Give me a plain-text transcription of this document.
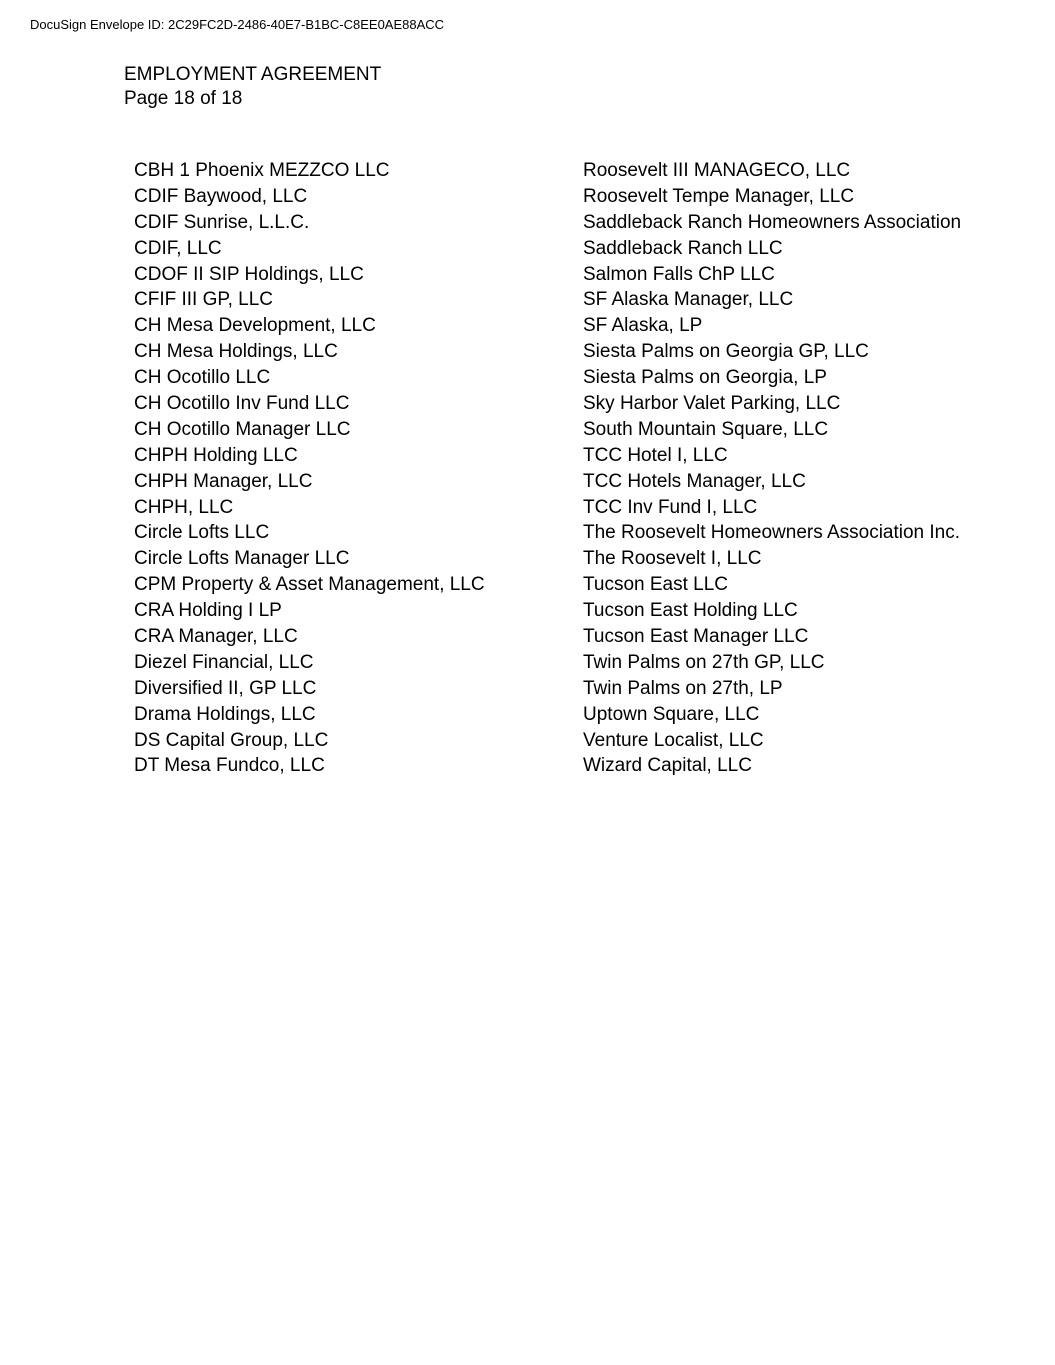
DocuSign Envelope ID: 2C29FC2D-2486-40E7-B1BC-C8EE0AE88ACC
EMPLOYMENT AGREEMENT
Page 18 of 18
CBH 1 Phoenix MEZZCO LLC
CDIF Baywood, LLC
CDIF Sunrise, L.L.C.
CDIF, LLC
CDOF II SIP Holdings, LLC
CFIF III GP, LLC
CH Mesa Development, LLC
CH Mesa Holdings, LLC
CH Ocotillo LLC
CH Ocotillo Inv Fund LLC
CH Ocotillo Manager LLC
CHPH Holding LLC
CHPH Manager, LLC
CHPH, LLC
Circle Lofts LLC
Circle Lofts Manager LLC
CPM Property & Asset Management, LLC
CRA Holding I LP
CRA Manager, LLC
Diezel Financial, LLC
Diversified II, GP LLC
Drama Holdings, LLC
DS Capital Group, LLC
DT Mesa Fundco, LLC
Roosevelt III MANAGECO, LLC
Roosevelt Tempe Manager, LLC
Saddleback Ranch Homeowners Association
Saddleback Ranch LLC
Salmon Falls ChP LLC
SF Alaska Manager, LLC
SF Alaska, LP
Siesta Palms on Georgia GP, LLC
Siesta Palms on Georgia, LP
Sky Harbor Valet Parking, LLC
South Mountain Square, LLC
TCC Hotel I, LLC
TCC Hotels Manager, LLC
TCC Inv Fund I, LLC
The Roosevelt Homeowners Association Inc.
The Roosevelt I, LLC
Tucson East LLC
Tucson East Holding LLC
Tucson East Manager LLC
Twin Palms on 27th GP, LLC
Twin Palms on 27th, LP
Uptown Square, LLC
Venture Localist, LLC
Wizard Capital, LLC
